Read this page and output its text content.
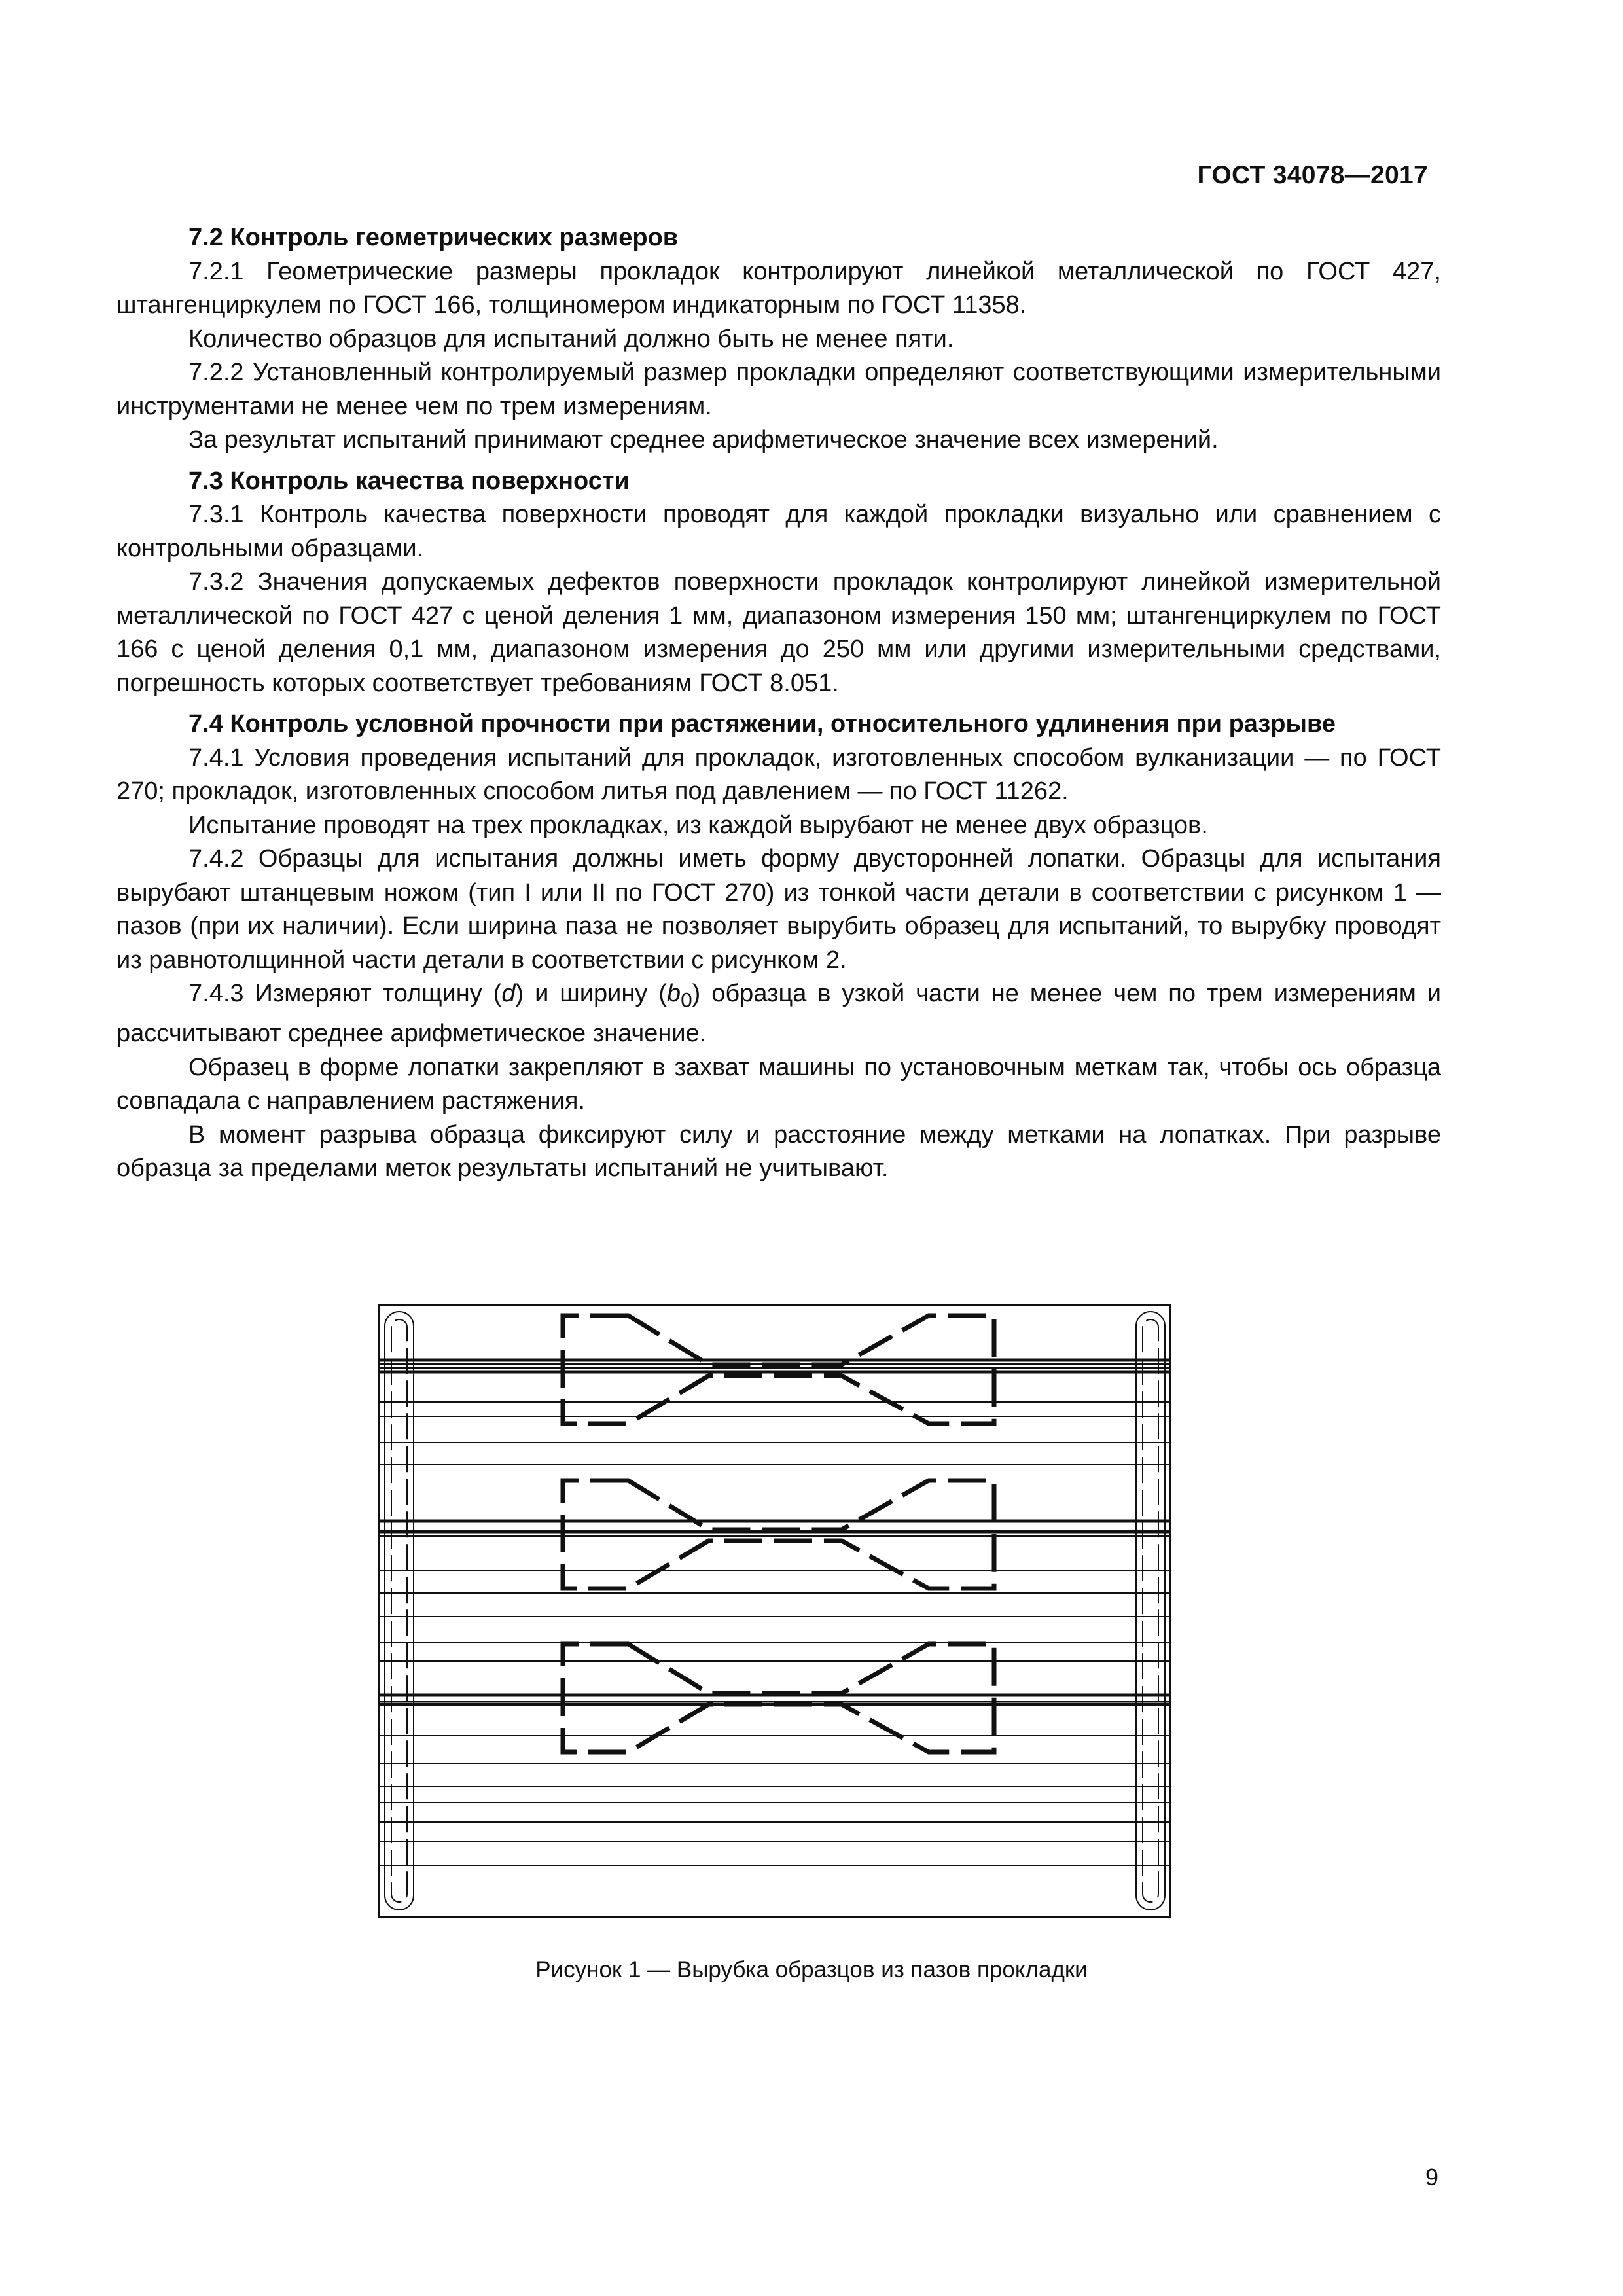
ГОСТ 34078—2017
7.2 Контроль геометрических размеров

7.2.1 Геометрические размеры прокладок контролируют линейкой металлической по ГОСТ 427, штангенциркулем по ГОСТ 166, толщиномером индикаторным по ГОСТ 11358.

Количество образцов для испытаний должно быть не менее пяти.

7.2.2 Установленный контролируемый размер прокладки определяют соответствующими измерительными инструментами не менее чем по трем измерениям.

За результат испытаний принимают среднее арифметическое значение всех измерений.

7.3 Контроль качества поверхности

7.3.1 Контроль качества поверхности проводят для каждой прокладки визуально или сравнением с контрольными образцами.

7.3.2 Значения допускаемых дефектов поверхности прокладок контролируют линейкой измерительной металлической по ГОСТ 427 с ценой деления 1 мм, диапазоном измерения 150 мм; штангенциркулем по ГОСТ 166 с ценой деления 0,1 мм, диапазоном измерения до 250 мм или другими измерительными средствами, погрешность которых соответствует требованиям ГОСТ 8.051.

7.4 Контроль условной прочности при растяжении, относительного удлинения при разрыве

7.4.1 Условия проведения испытаний для прокладок, изготовленных способом вулканизации — по ГОСТ 270; прокладок, изготовленных способом литья под давлением — по ГОСТ 11262.

Испытание проводят на трех прокладках, из каждой вырубают не менее двух образцов.

7.4.2 Образцы для испытания должны иметь форму двусторонней лопатки. Образцы для испытания вырубают штанцевым ножом (тип I или II по ГОСТ 270) из тонкой части детали в соответствии с рисунком 1 — пазов (при их наличии). Если ширина паза не позволяет вырубить образец для испытаний, то вырубку проводят из равнотолщинной части детали в соответствии с рисунком 2.

7.4.3 Измеряют толщину (d) и ширину $(b_0)$ образца в узкой части не менее чем по трем измерениям и рассчитывают среднее арифметическое значение.

Образец в форме лопатки закрепляют в захват машины по установочным меткам так, чтобы ось образца совпадала с направлением растяжения.

В момент разрыва образца фиксируют силу и расстояние между метками на лопатках. При разрыве образца за пределами меток результаты испытаний не учитывают.

Рисунок 1 — Вырубка образцов из пазов прокладки
9
